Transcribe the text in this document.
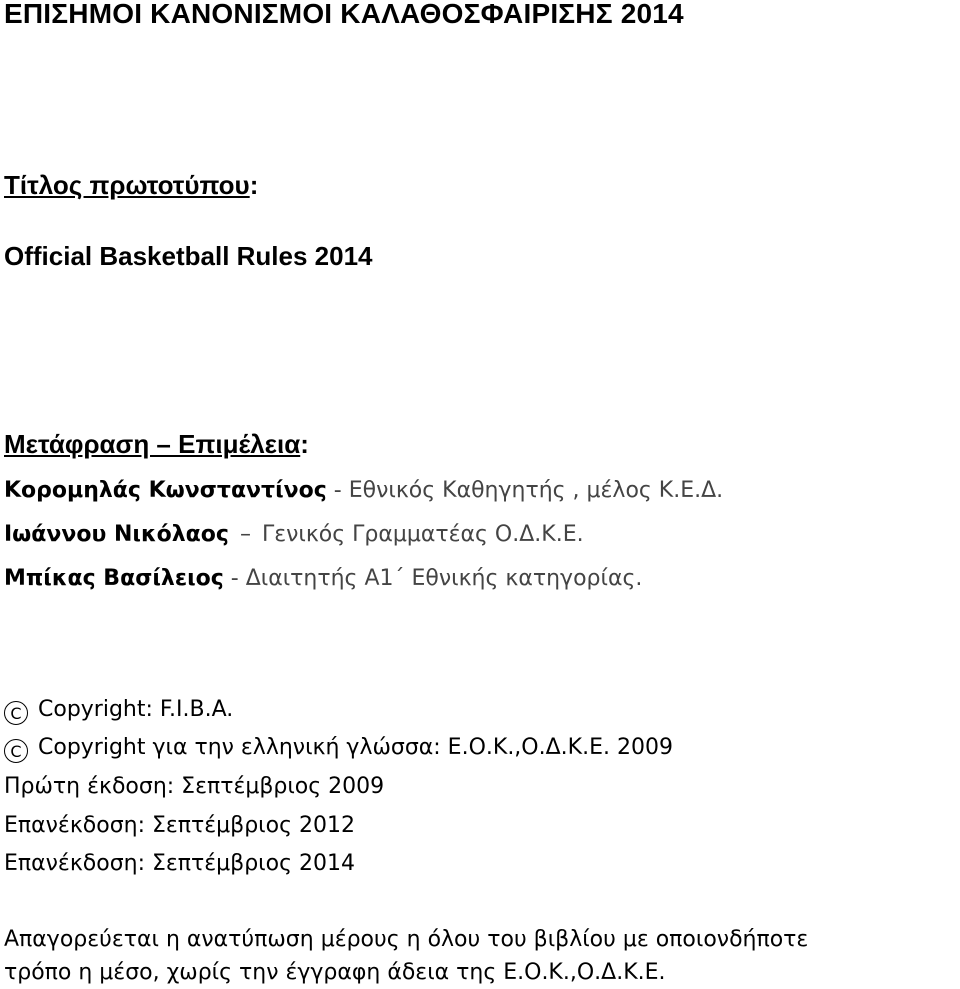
ΕΠΙΣΗΜΟΙ ΚΑΝΟΝΙΣΜΟΙ ΚΑΛΑΘΟΣΦΑΙΡΙΣΗΣ 2014
Τίτλος πρωτοτύπου:
Official Basketball Rules 2014
Μετάφραση – Επιμέλεια:
Κορομηλάς Κωνσταντίνος - Εθνικός Καθηγητής , μέλος Κ.Ε.Δ.
Ιωάννου Νικόλαος – Γενικός Γραμματέας Ο.Δ.Κ.Ε.
Μπίκας Βασίλειος - Διαιτητής Α1΄ Εθνικής κατηγορίας.
C Copyright: F.I.B.A.
C Copyright για την ελληνική γλώσσα: Ε.Ο.Κ.,Ο.Δ.Κ.Ε. 2009
Πρώτη έκδοση: Σεπτέμβριος 2009
Επανέκδοση: Σεπτέμβριος 2012
Επανέκδοση: Σεπτέμβριος 2014
Απαγορεύεται η ανατύπωση μέρους η όλου του βιβλίου με οποιονδήποτε
τρόπο η μέσο, χωρίς την έγγραφη άδεια της Ε.Ο.Κ.,Ο.Δ.Κ.Ε.
